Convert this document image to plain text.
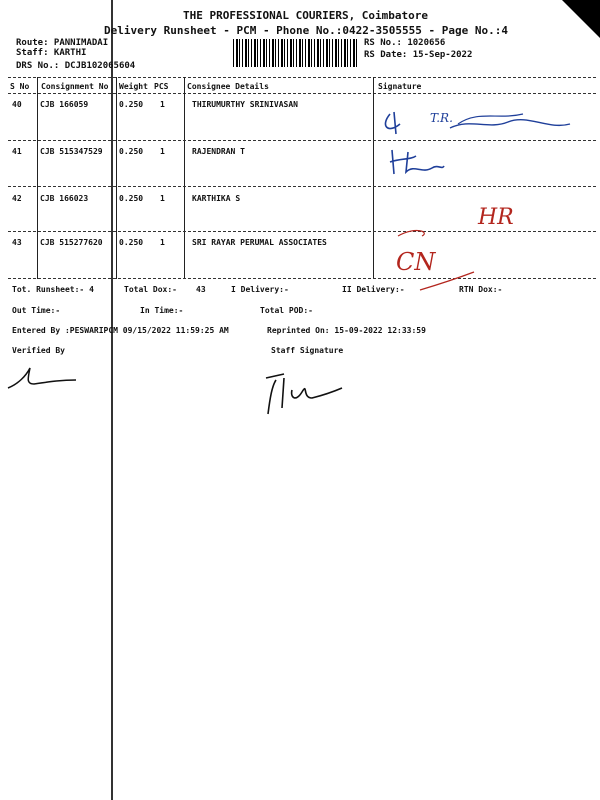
THE PROFESSIONAL COURIERS, Coimbatore
Delivery Runsheet - PCM - Phone No.:0422-3505555 - Page No.:4
Route: PANNIMADAI
Staff: KARTHI
DRS No.: DCJB102065604
RS No.: 1020656
RS Date: 15-Sep-2022
S No Consignment No Weight PCS Consignee Details	Signature
40 CJB 166059	0.250 1	THIRUMURTHY SRINIVASAN
41 CJB 515347529 0.250 1	RAJENDRAN T
42 CJB 166023	0.250 1	KARTHIKA S
43 CJB 515277620 0.250 1	SRI RAYAR PERUMAL ASSOCIATES
T.R.
HR
CN
Tot. Runsheet:- 4	Total Dox:- 43	I Delivery:-	II Delivery:-	RTN Dox:-
Out Time:-	In Time:-	Total POD:-
Entered By :PESWARIPCM 09/15/2022 11:59:25 AM	Reprinted On: 15-09-2022 12:33:59
Verified By	Staff Signature
